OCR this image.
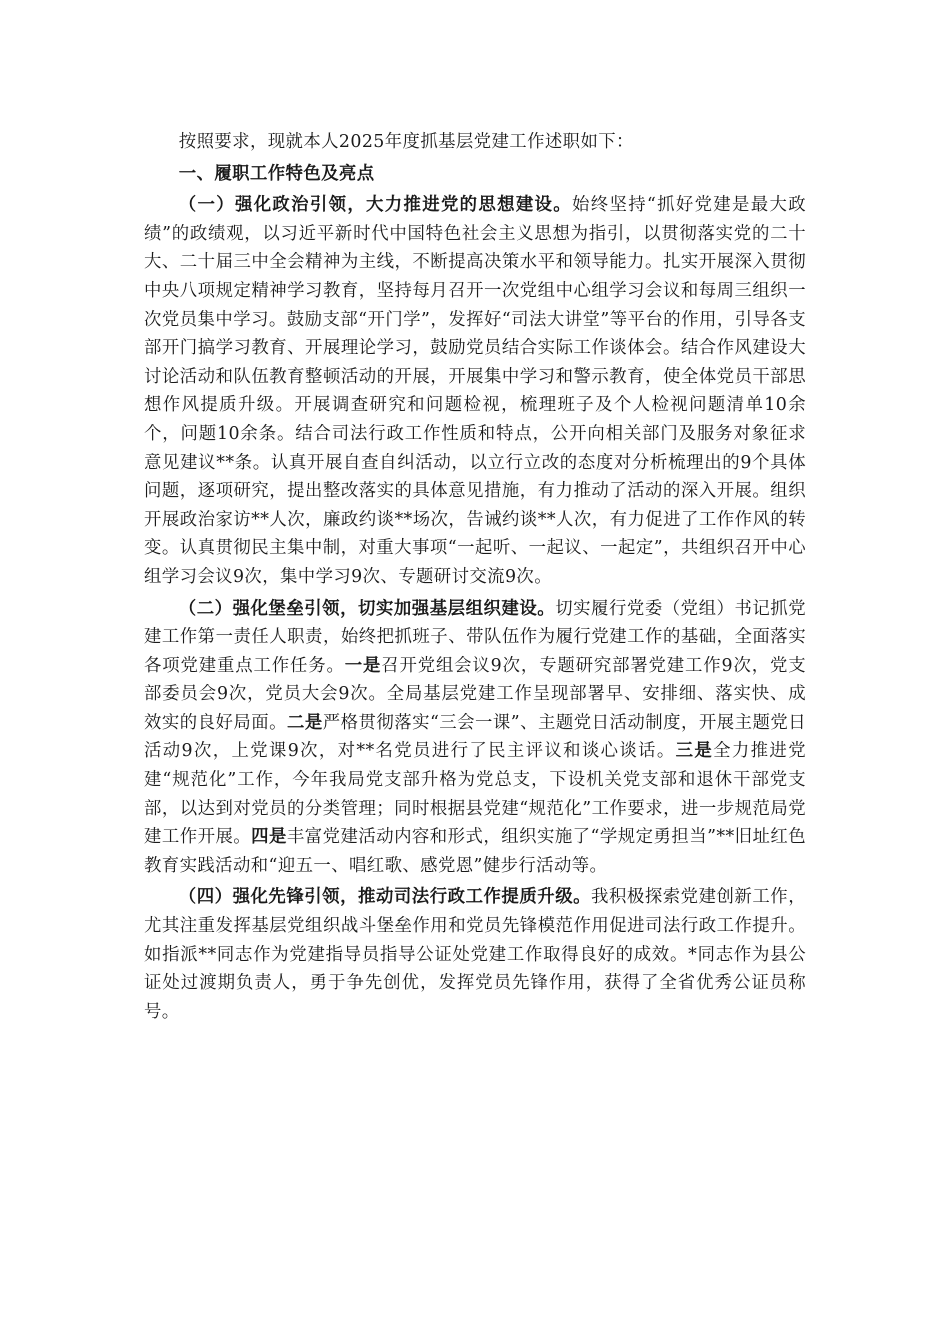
按照要求，现就本人2025年度抓基层党建工作述职如下：

一、履职工作特色及亮点

（一）强化政治引领，大力推进党的思想建设。始终坚持“抓好党建是最大政绩”的政绩观，以习近平新时代中国特色社会主义思想为指引，以贯彻落实党的二十大、二十届三中全会精神为主线，不断提高决策水平和领导能力。扎实开展深入贯彻中央八项规定精神学习教育，坚持每月召开一次党组中心组学习会议和每周三组织一次党员集中学习。鼓励支部“开门学”，发挥好“司法大讲堂”等平台的作用，引导各支部开门搞学习教育、开展理论学习，鼓励党员结合实际工作谈体会。结合作风建设大讨论活动和队伍教育整顿活动的开展，开展集中学习和警示教育，使全体党员干部思想作风提质升级。开展调查研究和问题检视，梳理班子及个人检视问题清单10余个，问题10余条。结合司法行政工作性质和特点，公开向相关部门及服务对象征求意见建议**条。认真开展自查自纠活动，以立行立改的态度对分析梳理出的9个具体问题，逐项研究，提出整改落实的具体意见措施，有力推动了活动的深入开展。组织开展政治家访**人次，廉政约谈**场次，告诫约谈**人次，有力促进了工作作风的转变。认真贯彻民主集中制，对重大事项“一起听、一起议、一起定”，共组织召开中心组学习会议9次，集中学习9次、专题研讨交流9次。

（二）强化堡垒引领，切实加强基层组织建设。切实履行党委（党组）书记抓党建工作第一责任人职责，始终把抓班子、带队伍作为履行党建工作的基础，全面落实各项党建重点工作任务。一是召开党组会议9次，专题研究部署党建工作9次，党支部委员会9次，党员大会9次。全局基层党建工作呈现部署早、安排细、落实快、成效实的良好局面。二是严格贯彻落实“三会一课”、主题党日活动制度，开展主题党日活动9次，上党课9次，对**名党员进行了民主评议和谈心谈话。三是全力推进党建“规范化”工作，今年我局党支部升格为党总支，下设机关党支部和退休干部党支部，以达到对党员的分类管理；同时根据县党建“规范化”工作要求，进一步规范局党建工作开展。四是丰富党建活动内容和形式，组织实施了“学规定勇担当”**旧址红色教育实践活动和“迎五一、唱红歌、感党恩”健步行活动等。

（四）强化先锋引领，推动司法行政工作提质升级。我积极探索党建创新工作，尤其注重发挥基层党组织战斗堡垒作用和党员先锋模范作用促进司法行政工作提升。如指派**同志作为党建指导员指导公证处党建工作取得良好的成效。*同志作为县公证处过渡期负责人，勇于争先创优，发挥党员先锋作用，获得了全省优秀公证员称号。
